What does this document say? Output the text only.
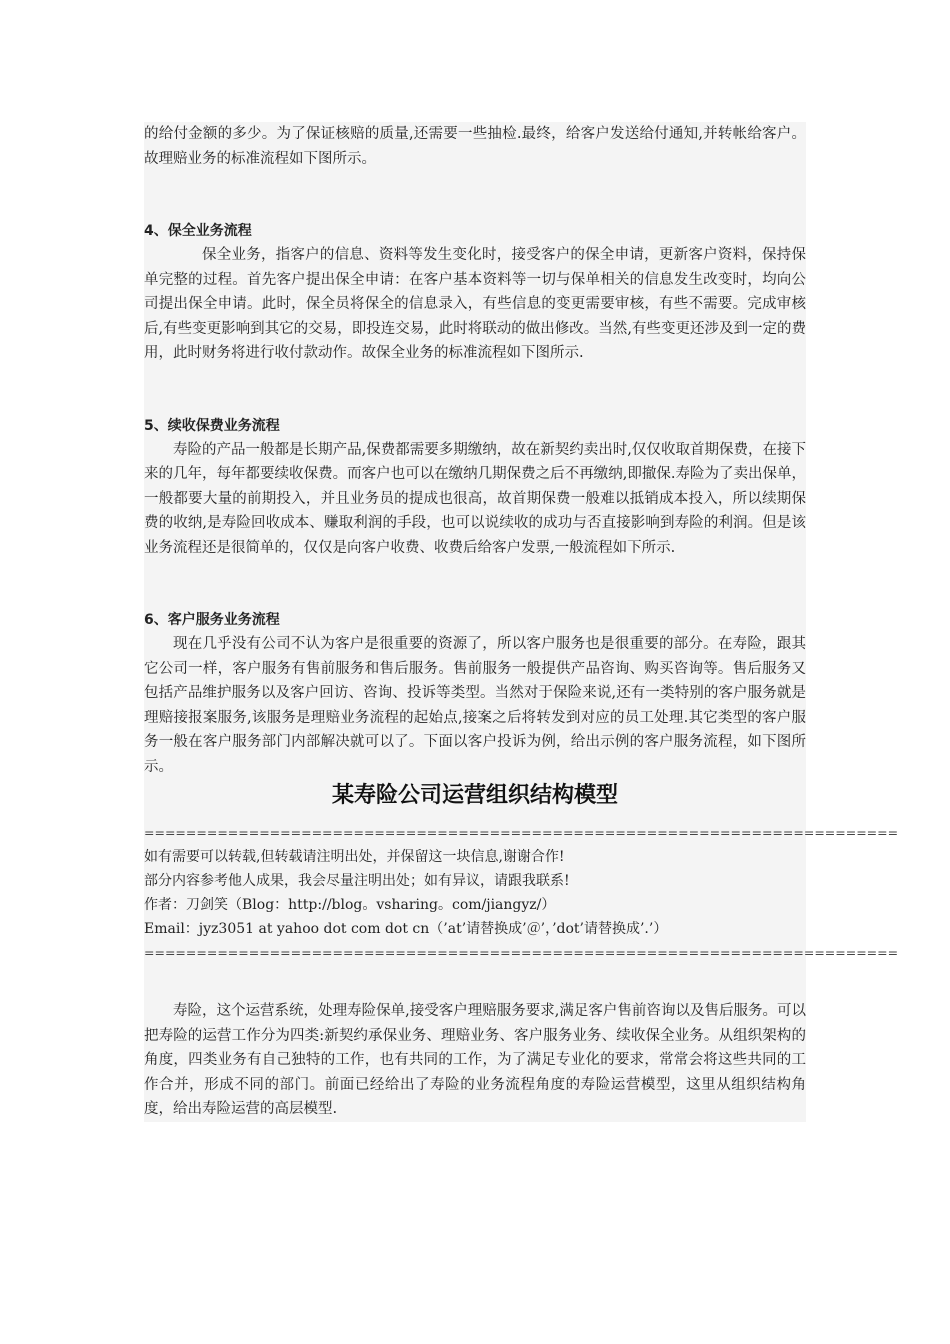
的给付金额的多少。为了保证核赔的质量,还需要一些抽检.最终，给客户发送给付通知,并转帐给客户。故理赔业务的标准流程如下图所示。

4、保全业务流程

保全业务，指客户的信息、资料等发生变化时，接受客户的保全申请，更新客户资料，保持保单完整的过程。首先客户提出保全申请：在客户基本资料等一切与保单相关的信息发生改变时，均向公司提出保全申请。此时，保全员将保全的信息录入，有些信息的变更需要审核，有些不需要。完成审核后,有些变更影响到其它的交易，即投连交易，此时将联动的做出修改。当然,有些变更还涉及到一定的费用，此时财务将进行收付款动作。故保全业务的标准流程如下图所示.

5、续收保费业务流程

寿险的产品一般都是长期产品,保费都需要多期缴纳，故在新契约卖出时,仅仅收取首期保费，在接下来的几年，每年都要续收保费。而客户也可以在缴纳几期保费之后不再缴纳,即撤保.寿险为了卖出保单，一般都要大量的前期投入，并且业务员的提成也很高，故首期保费一般难以抵销成本投入，所以续期保费的收纳,是寿险回收成本、赚取利润的手段，也可以说续收的成功与否直接影响到寿险的利润。但是该业务流程还是很简单的，仅仅是向客户收费、收费后给客户发票,一般流程如下所示.

6、客户服务业务流程

现在几乎没有公司不认为客户是很重要的资源了，所以客户服务也是很重要的部分。在寿险，跟其它公司一样，客户服务有售前服务和售后服务。售前服务一般提供产品咨询、购买咨询等。售后服务又包括产品维护服务以及客户回访、咨询、投诉等类型。当然对于保险来说,还有一类特别的客户服务就是理赔接报案服务,该服务是理赔业务流程的起始点,接案之后将转发到对应的员工处理.其它类型的客户服务一般在客户服务部门内部解决就可以了。下面以客户投诉为例，给出示例的客户服务流程，如下图所示。

某寿险公司运营组织结构模型

========================================================================

如有需要可以转载,但转载请注明出处，并保留这一块信息,谢谢合作!

部分内容参考他人成果，我会尽量注明出处；如有异议，请跟我联系!

作者：刀剑笑（Blog：http://blog。vsharing。com/jiangyz/）

Email：jyz3051 at yahoo dot com dot cn（’at’请替换成’＠’，’dot’请替换成’.’）

========================================================================

寿险，这个运营系统，处理寿险保单,接受客户理赔服务要求,满足客户售前咨询以及售后服务。可以把寿险的运营工作分为四类:新契约承保业务、理赔业务、客户服务业务、续收保全业务。从组织架构的角度，四类业务有自己独特的工作，也有共同的工作，为了满足专业化的要求，常常会将这些共同的工作合并，形成不同的部门。前面已经给出了寿险的业务流程角度的寿险运营模型，这里从组织结构角度，给出寿险运营的高层模型.
